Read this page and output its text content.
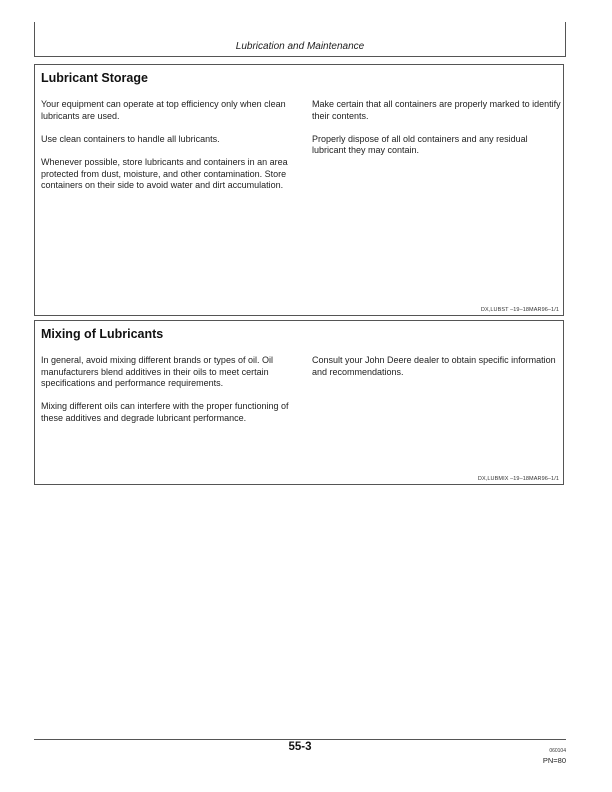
Lubrication and Maintenance
Lubricant Storage

Your equipment can operate at top efficiency only when clean lubricants are used.

Use clean containers to handle all lubricants.

Whenever possible, store lubricants and containers in an area protected from dust, moisture, and other contamination. Store containers on their side to avoid water and dirt accumulation.

Make certain that all containers are properly marked to identify their contents.

Properly dispose of all old containers and any residual lubricant they may contain.

DX,LUBST –19–18MAR96–1/1
Mixing of Lubricants

In general, avoid mixing different brands or types of oil. Oil manufacturers blend additives in their oils to meet certain specifications and performance requirements.

Mixing different oils can interfere with the proper functioning of these additives and degrade lubricant performance.

Consult your John Deere dealer to obtain specific information and recommendations.

DX,LUBMIX –19–18MAR96–1/1
55-3	060104
PN=80
